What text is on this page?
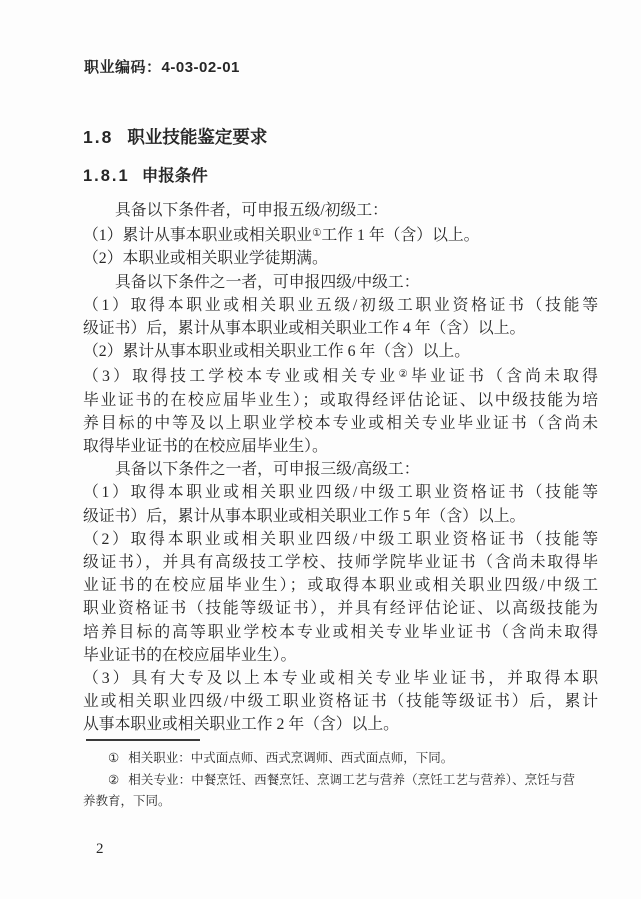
职业编码：4-03-02-01
1.8 职业技能鉴定要求
1.8.1 申报条件
具备以下条件者，可申报五级/初级工：
（1）累计从事本职业或相关职业①工作 1 年（含）以上。
（2）本职业或相关职业学徒期满。
具备以下条件之一者，可申报四级/中级工：
（1）取得本职业或相关职业五级/初级工职业资格证书（技能等
级证书）后，累计从事本职业或相关职业工作 4 年（含）以上。
（2）累计从事本职业或相关职业工作 6 年（含）以上。
（3）取得技工学校本专业或相关专业②毕业证书（含尚未取得
毕业证书的在校应届毕业生）；或取得经评估论证、以中级技能为培
养目标的中等及以上职业学校本专业或相关专业毕业证书（含尚未
取得毕业证书的在校应届毕业生）。
具备以下条件之一者，可申报三级/高级工：
（1）取得本职业或相关职业四级/中级工职业资格证书（技能等
级证书）后，累计从事本职业或相关职业工作 5 年（含）以上。
（2）取得本职业或相关职业四级/中级工职业资格证书（技能等
级证书），并具有高级技工学校、技师学院毕业证书（含尚未取得毕
业证书的在校应届毕业生）；或取得本职业或相关职业四级/中级工
职业资格证书（技能等级证书），并具有经评估论证、以高级技能为
培养目标的高等职业学校本专业或相关专业毕业证书（含尚未取得
毕业证书的在校应届毕业生）。
（3）具有大专及以上本专业或相关专业毕业证书，并取得本职
业或相关职业四级/中级工职业资格证书（技能等级证书）后，累计
从事本职业或相关职业工作 2 年（含）以上。

① 相关职业：中式面点师、西式烹调师、西式面点师，下同。

② 相关专业：中餐烹饪、西餐烹饪、烹调工艺与营养（烹饪工艺与营养）、烹饪与营养教育，下同。

2
